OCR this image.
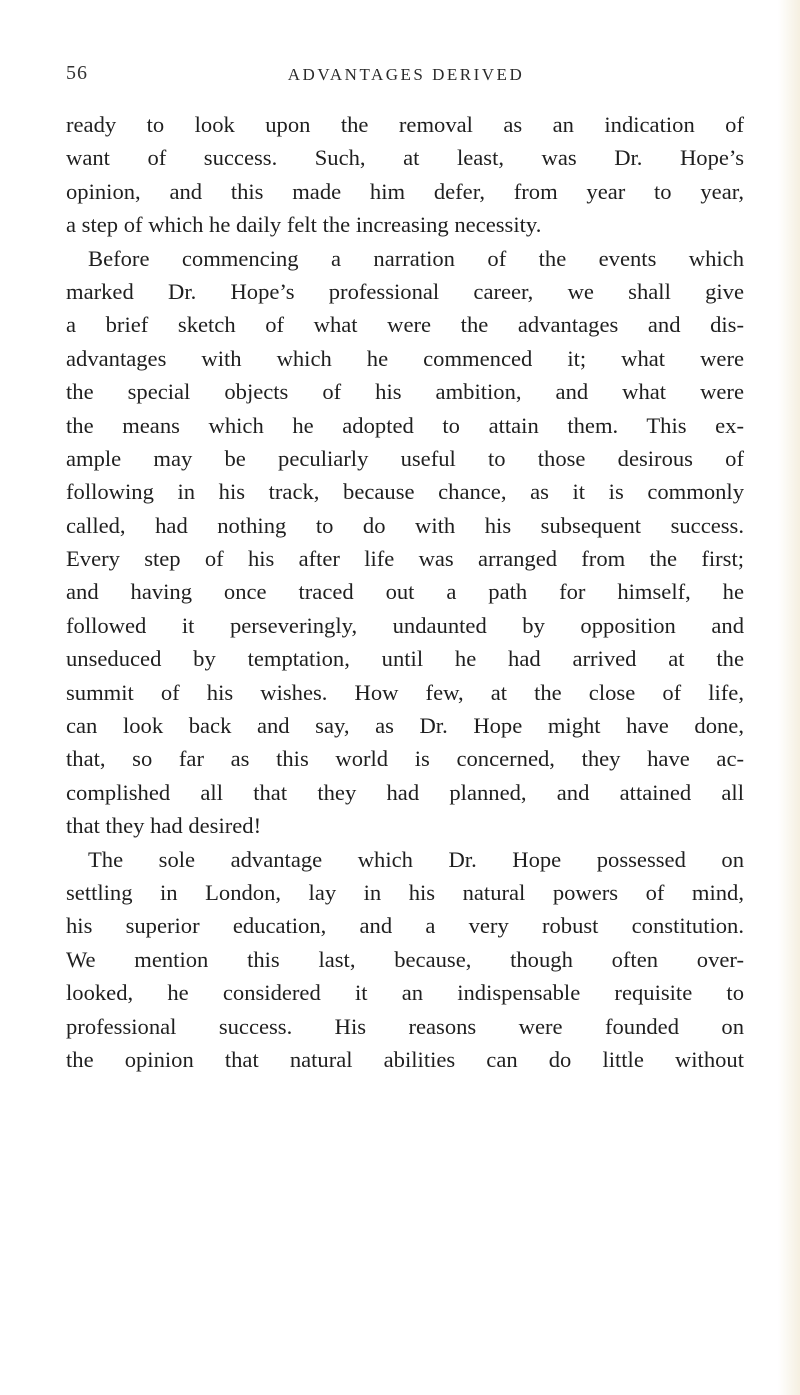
56	ADVANTAGES DERIVED
ready to look upon the removal as an indication of
want of success. Such, at least, was Dr. Hope’s
opinion, and this made him defer, from year to year,
a step of which he daily felt the increasing necessity.
Before commencing a narration of the events which
marked Dr. Hope’s professional career, we shall give
a brief sketch of what were the advantages and dis-
advantages with which he commenced it; what were
the special objects of his ambition, and what were
the means which he adopted to attain them. This ex-
ample may be peculiarly useful to those desirous of
following in his track, because chance, as it is commonly
called, had nothing to do with his subsequent success.
Every step of his after life was arranged from the first;
and having once traced out a path for himself, he
followed it perseveringly, undaunted by opposition and
unseduced by temptation, until he had arrived at the
summit of his wishes. How few, at the close of life,
can look back and say, as Dr. Hope might have done,
that, so far as this world is concerned, they have ac-
complished all that they had planned, and attained all
that they had desired!
The sole advantage which Dr. Hope possessed on
settling in London, lay in his natural powers of mind,
his superior education, and a very robust constitution.
We mention this last, because, though often over-
looked, he considered it an indispensable requisite to
professional success. His reasons were founded on
the opinion that natural abilities can do little without
